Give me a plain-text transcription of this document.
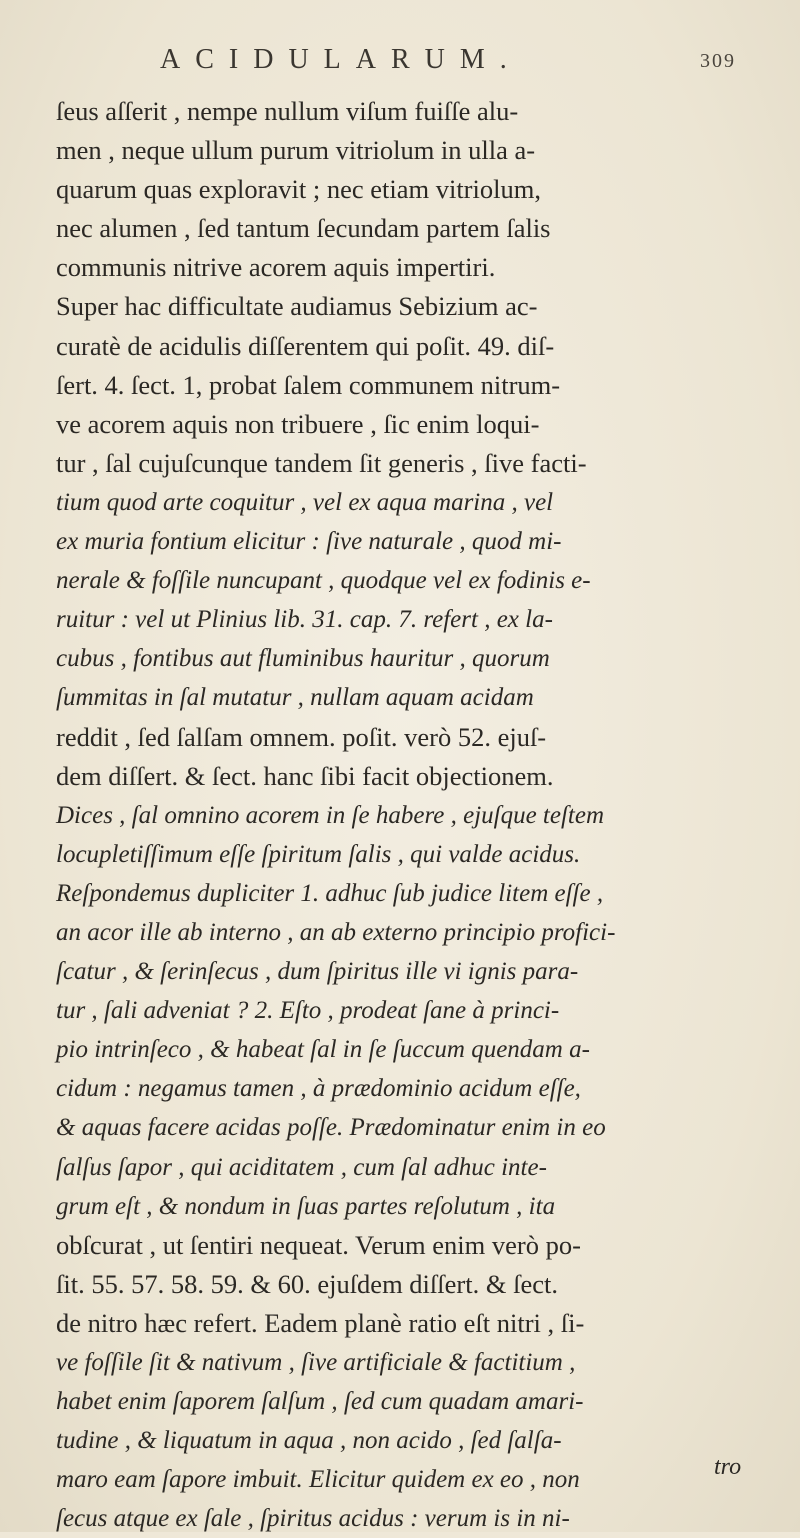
ACIDULARUM.	309
ſeus aſſerit , nempe nullum viſum fuiſſe alu-
men , neque ullum purum vitriolum in ulla a-
quarum quas exploravit ; nec etiam vitriolum,
nec alumen , ſed tantum ſecundam partem ſalis
communis nitrive acorem aquis impertiri.
Super hac difficultate audiamus Sebizium ac-
curatè de acidulis diſſerentem qui poſit. 49. diſ-
ſert. 4. ſect. 1, probat ſalem communem nitrum-
ve acorem aquis non tribuere , ſic enim loqui-
tur , ſal cujuſcunque tandem ſit generis , ſive facti-
tium quod arte coquitur , vel ex aqua marina , vel
ex muria fontium elicitur : ſive naturale , quod mi-
nerale & foſſile nuncupant , quodque vel ex fodinis e-
ruitur : vel ut Plinius lib. 31. cap. 7. refert , ex la-
cubus , fontibus aut fluminibus hauritur , quorum
ſummitas in ſal mutatur , nullam aquam acidam
reddit , ſed ſalſam omnem. poſit. verò 52. ejuſ-
dem diſſert. & ſect. hanc ſibi facit objectionem.
Dices , ſal omnino acorem in ſe habere , ejuſque teſtem
locupletiſſimum eſſe ſpiritum ſalis , qui valde acidus.
Reſpondemus dupliciter 1. adhuc ſub judice litem eſſe ,
an acor ille ab interno , an ab externo principio profici-
ſcatur , & ſerinſecus , dum ſpiritus ille vi ignis para-
tur , ſali adveniat ? 2. Eſto , prodeat ſane à princi-
pio intrinſeco , & habeat ſal in ſe ſuccum quendam a-
cidum : negamus tamen , à prædominio acidum eſſe,
& aquas facere acidas poſſe. Prædominatur enim in eo
ſalſus ſapor , qui aciditatem , cum ſal adhuc inte-
grum eſt , & nondum in ſuas partes reſolutum , ita
obſcurat , ut ſentiri nequeat. Verum enim verò po-
ſit. 55. 57. 58. 59. & 60. ejuſdem diſſert. & ſect.
de nitro hæc refert. Eadem planè ratio eſt nitri , ſi-
ve foſſile ſit & nativum , ſive artificiale & factitium ,
habet enim ſaporem ſalſum , ſed cum quadam amari-
tudine , & liquatum in aqua , non acido , ſed ſalſa-
maro eam ſapore imbuit. Elicitur quidem ex eo , non
ſecus atque ex ſale , ſpiritus acidus : verum is in ni-
tro
